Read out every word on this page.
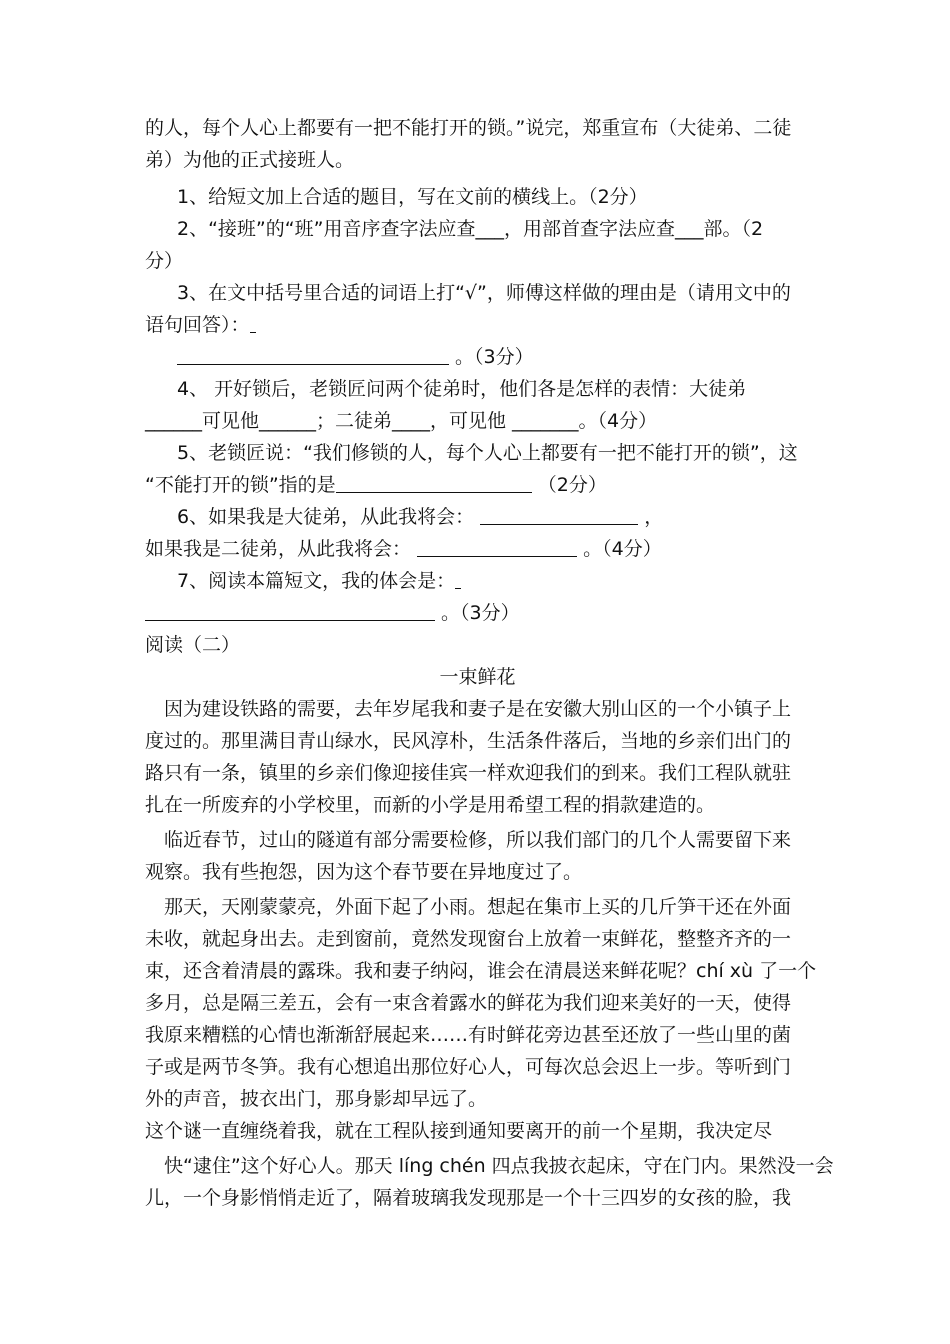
的人，每个人心上都要有一把不能打开的锁。”说完，郑重宣布（大徒弟、二徒
弟）为他的正式接班人。
1、给短文加上合适的题目，写在文前的横线上。（2分）
2、“接班”的“班”用音序查字法应查___，用部首查字法应查___部。（2
分）
3、在文中括号里合适的词语上打“√”，师傅这样做的理由是（请用文中的
语句回答）：
。（3分）
4、 开好锁后，老锁匠问两个徒弟时，他们各是怎样的表情：大徒弟
______可见他______；二徒弟____，可见他 _______。（4分）
5、老锁匠说：“我们修锁的人，每个人心上都要有一把不能打开的锁”，这
“不能打开的锁”指的是	（2分）
6、如果我是大徒弟，从此我将会：	，
如果我是二徒弟，从此我将会：	。（4分）
7、阅读本篇短文，我的体会是：
。（3分）
阅读（二）
一束鲜花
因为建设铁路的需要，去年岁尾我和妻子是在安徽大别山区的一个小镇子上
度过的。那里满目青山绿水，民风淳朴，生活条件落后，当地的乡亲们出门的
路只有一条，镇里的乡亲们像迎接佳宾一样欢迎我们的到来。我们工程队就驻
扎在一所废弃的小学校里，而新的小学是用希望工程的捐款建造的。
临近春节，过山的隧道有部分需要检修，所以我们部门的几个人需要留下来
观察。我有些抱怨，因为这个春节要在异地度过了。
那天，天刚蒙蒙亮，外面下起了小雨。想起在集市上买的几斤笋干还在外面
未收，就起身出去。走到窗前，竟然发现窗台上放着一束鲜花，整整齐齐的一
束，还含着清晨的露珠。我和妻子纳闷，谁会在清晨送来鲜花呢？chí xù 了一个
多月，总是隔三差五，会有一束含着露水的鲜花为我们迎来美好的一天，使得
我原来糟糕的心情也渐渐舒展起来……有时鲜花旁边甚至还放了一些山里的菌
子或是两节冬笋。我有心想追出那位好心人，可每次总会迟上一步。等听到门
外的声音，披衣出门，那身影却早远了。
这个谜一直缠绕着我，就在工程队接到通知要离开的前一个星期，我决定尽
快“逮住”这个好心人。那天 líng chén 四点我披衣起床，守在门内。果然没一会
儿，一个身影悄悄走近了，隔着玻璃我发现那是一个十三四岁的女孩的脸，我
